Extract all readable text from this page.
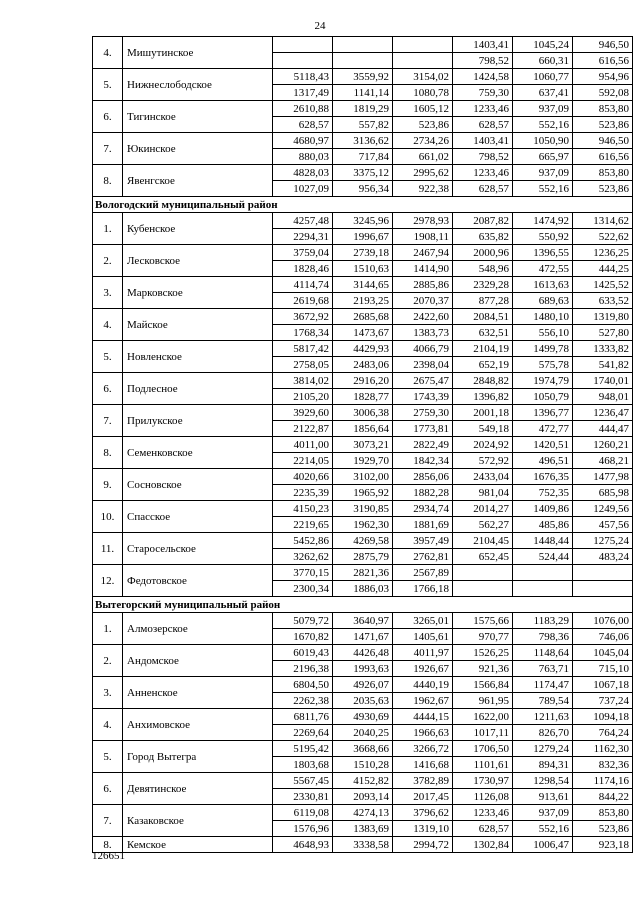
24
4.	Мишутинское				1403,41	1045,24	946,50
					798,52	660,31	616,56
5.	Нижнеслободское	5118,43	3559,92	3154,02	1424,58	1060,77	954,96
		1317,49	1141,14	1080,78	759,30	637,41	592,08
6.	Тигинское	2610,88	1819,29	1605,12	1233,46	937,09	853,80
		628,57	557,82	523,86	628,57	552,16	523,86
7.	Юкинское	4680,97	3136,62	2734,26	1403,41	1050,90	946,50
		880,03	717,84	661,02	798,52	665,97	616,56
8.	Явенгское	4828,03	3375,12	2995,62	1233,46	937,09	853,80
		1027,09	956,34	922,38	628,57	552,16	523,86
Вологодский муниципальный район							
1.	Кубенское	4257,48	3245,96	2978,93	2087,82	1474,92	1314,62
		2294,31	1996,67	1908,11	635,82	550,92	522,62
2.	Лесковское	3759,04	2739,18	2467,94	2000,96	1396,55	1236,25
		1828,46	1510,63	1414,90	548,96	472,55	444,25
3.	Марковское	4114,74	3144,65	2885,86	2329,28	1613,63	1425,52
		2619,68	2193,25	2070,37	877,28	689,63	633,52
4.	Майское	3672,92	2685,68	2422,60	2084,51	1480,10	1319,80
		1768,34	1473,67	1383,73	632,51	556,10	527,80
5.	Новленское	5817,42	4429,93	4066,79	2104,19	1499,78	1333,82
		2758,05	2483,06	2398,04	652,19	575,78	541,82
6.	Подлесное	3814,02	2916,20	2675,47	2848,82	1974,79	1740,01
		2105,20	1828,77	1743,39	1396,82	1050,79	948,01
7.	Прилукское	3929,60	3006,38	2759,30	2001,18	1396,77	1236,47
		2122,87	1856,64	1773,81	549,18	472,77	444,47
8.	Семенковское	4011,00	3073,21	2822,49	2024,92	1420,51	1260,21
		2214,05	1929,70	1842,34	572,92	496,51	468,21
9.	Сосновское	4020,66	3102,00	2856,06	2433,04	1676,35	1477,98
		2235,39	1965,92	1882,28	981,04	752,35	685,98
10.	Спасское	4150,23	3190,85	2934,74	2014,27	1409,86	1249,56
		2219,65	1962,30	1881,69	562,27	485,86	457,56
11.	Старосельское	5452,86	4269,58	3957,49	2104,45	1448,44	1275,24
		3262,62	2875,79	2762,81	652,45	524,44	483,24
12.	Федотовское	3770,15	2821,36	2567,89			
		2300,34	1886,03	1766,18			
Вытегорский муниципальный район							
1.	Алмозерское	5079,72	3640,97	3265,01	1575,66	1183,29	1076,00
		1670,82	1471,67	1405,61	970,77	798,36	746,06
2.	Андомское	6019,43	4426,48	4011,97	1526,25	1148,64	1045,04
		2196,38	1993,63	1926,67	921,36	763,71	715,10
3.	Анненское	6804,50	4926,07	4440,19	1566,84	1174,47	1067,18
		2262,38	2035,63	1962,67	961,95	789,54	737,24
4.	Анхимовское	6811,76	4930,69	4444,15	1622,00	1211,63	1094,18
		2269,64	2040,25	1966,63	1017,11	826,70	764,24
5.	Город Вытегра	5195,42	3668,66	3266,72	1706,50	1279,24	1162,30
		1803,68	1510,28	1416,68	1101,61	894,31	832,36
6.	Девятинское	5567,45	4152,82	3782,89	1730,97	1298,54	1174,16
		2330,81	2093,14	2017,45	1126,08	913,61	844,22
7.	Казаковское	6119,08	4274,13	3796,62	1233,46	937,09	853,80
		1576,96	1383,69	1319,10	628,57	552,16	523,86
8.	Кемское	4648,93	3338,58	2994,72	1302,84	1006,47	923,18
126651
